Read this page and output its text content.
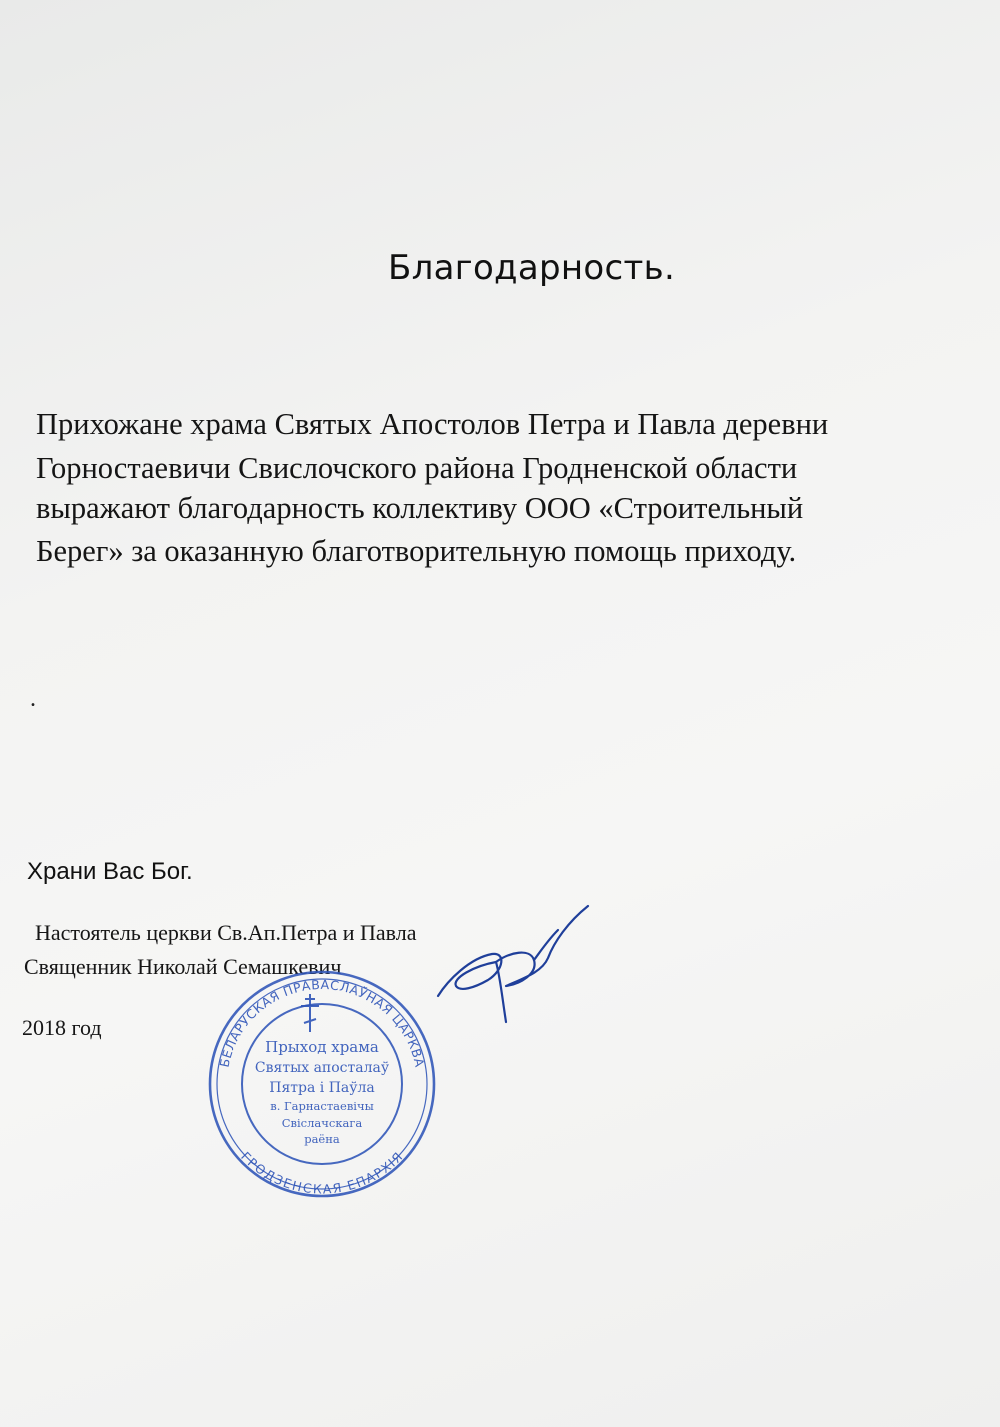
Благодарность.
Прихожане храма Святых Апостолов Петра и Павла деревни
Горностаевичи Свислочского района Гродненской области
выражают благодарность коллективу ООО «Строительный
Берег» за оказанную благотворительную помощь приходу.
.
Храни Вас Бог.
Настоятель церкви Св.Ап.Петра и Павла
Священник Николай Семашкевич
2018 год
БЕЛАРУСКАЯ ПРАВАСЛАЎНАЯ ЦАРКВА
ГРОДЗЕНСКАЯ ЕПАРХІЯ
Прыход храма
Святых апосталаў
Пятра і Паўла
в. Гарнастаевічы
Свіслачскага
раёна
